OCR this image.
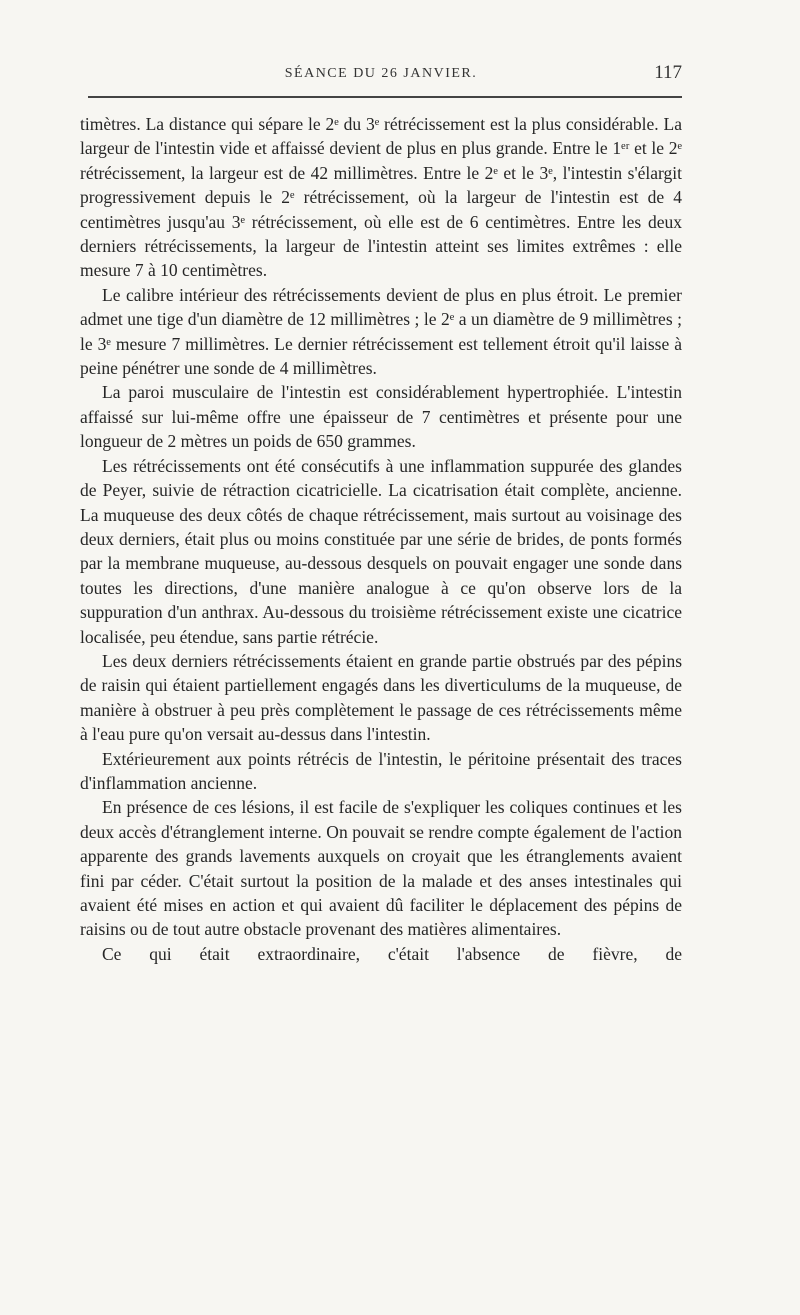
SÉANCE DU 26 JANVIER.	117

timètres. La distance qui sépare le 2ᵉ du 3ᵉ rétrécissement est la plus considérable. La largeur de l'intestin vide et affaissé devient de plus en plus grande. Entre le 1ᵉʳ et le 2ᵉ rétrécissement, la largeur est de 42 millimètres. Entre le 2ᵉ et le 3ᵉ, l'intestin s'élargit progressivement depuis le 2ᵉ rétrécissement, où la largeur de l'intestin est de 4 centimètres jusqu'au 3ᵉ rétrécissement, où elle est de 6 centimètres. Entre les deux derniers rétrécissements, la largeur de l'intestin atteint ses limites extrêmes : elle mesure 7 à 10 centimètres.

Le calibre intérieur des rétrécissements devient de plus en plus étroit. Le premier admet une tige d'un diamètre de 12 millimètres ; le 2ᵉ a un diamètre de 9 millimètres ; le 3ᵉ mesure 7 millimètres. Le dernier rétrécissement est tellement étroit qu'il laisse à peine pénétrer une sonde de 4 millimètres.

La paroi musculaire de l'intestin est considérablement hypertrophiée. L'intestin affaissé sur lui-même offre une épaisseur de 7 centimètres et présente pour une longueur de 2 mètres un poids de 650 grammes.

Les rétrécissements ont été consécutifs à une inflammation suppurée des glandes de Peyer, suivie de rétraction cicatricielle. La cicatrisation était complète, ancienne. La muqueuse des deux côtés de chaque rétrécissement, mais surtout au voisinage des deux derniers, était plus ou moins constituée par une série de brides, de ponts formés par la membrane muqueuse, au-dessous desquels on pouvait engager une sonde dans toutes les directions, d'une manière analogue à ce qu'on observe lors de la suppuration d'un anthrax. Au-dessous du troisième rétrécissement existe une cicatrice localisée, peu étendue, sans partie rétrécie.

Les deux derniers rétrécissements étaient en grande partie obstrués par des pépins de raisin qui étaient partiellement engagés dans les diverticulums de la muqueuse, de manière à obstruer à peu près complètement le passage de ces rétrécissements même à l'eau pure qu'on versait au-dessus dans l'intestin.

Extérieurement aux points rétrécis de l'intestin, le péritoine présentait des traces d'inflammation ancienne.

En présence de ces lésions, il est facile de s'expliquer les coliques continues et les deux accès d'étranglement interne. On pouvait se rendre compte également de l'action apparente des grands lavements auxquels on croyait que les étranglements avaient fini par céder. C'était surtout la position de la malade et des anses intestinales qui avaient été mises en action et qui avaient dû faciliter le déplacement des pépins de raisins ou de tout autre obstacle provenant des matières alimentaires.

Ce qui était extraordinaire, c'était l'absence de fièvre, de
